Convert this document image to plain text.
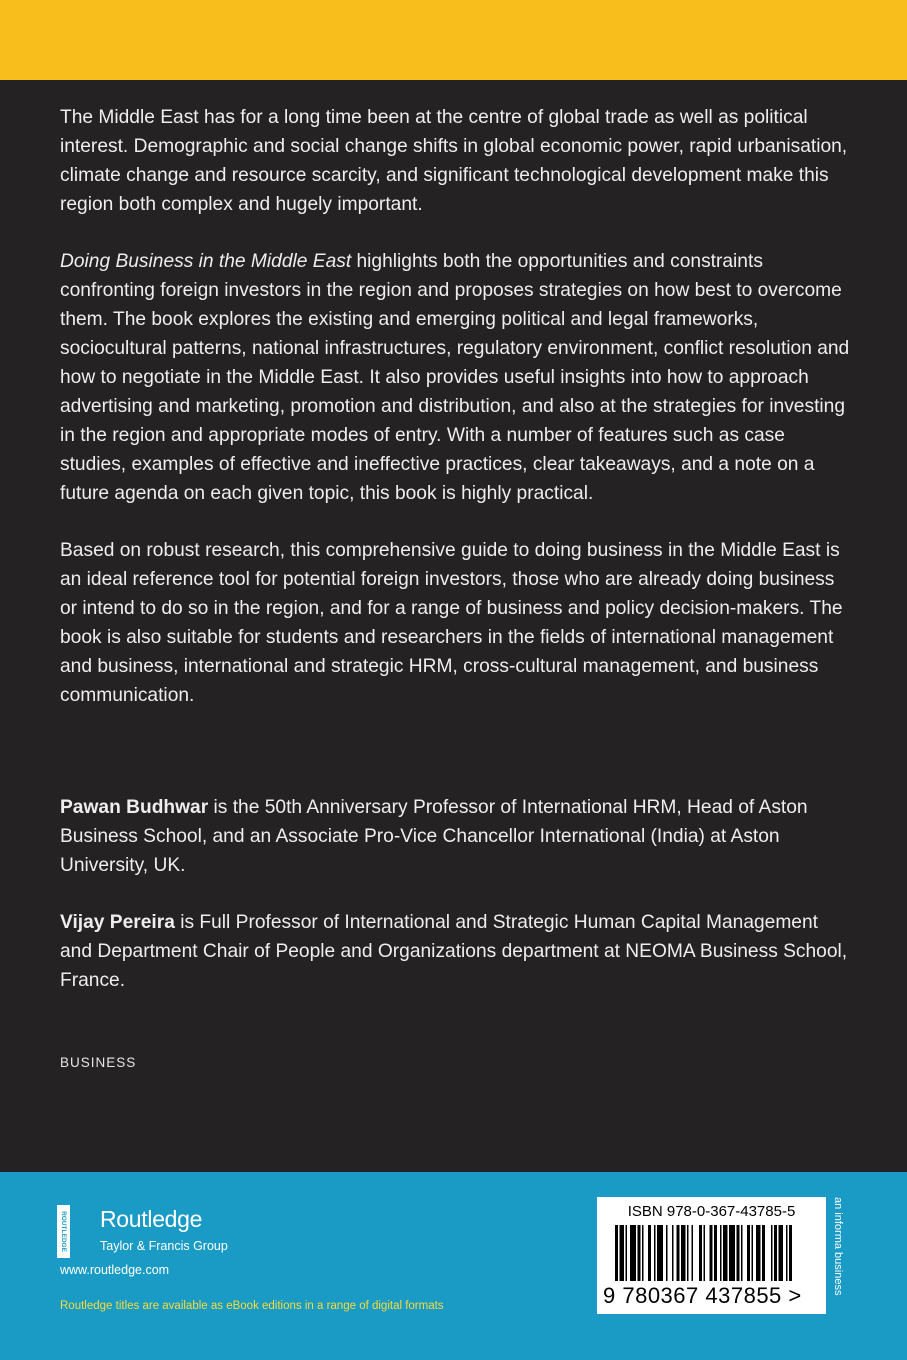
The Middle East has for a long time been at the centre of global trade as well as political interest. Demographic and social change shifts in global economic power, rapid urbanisation, climate change and resource scarcity, and significant technological development make this region both complex and hugely important.

Doing Business in the Middle East highlights both the opportunities and constraints confronting foreign investors in the region and proposes strategies on how best to overcome them. The book explores the existing and emerging political and legal frameworks, sociocultural patterns, national infrastructures, regulatory environment, conflict resolution and how to negotiate in the Middle East. It also provides useful insights into how to approach advertising and marketing, promotion and distribution, and also at the strategies for investing in the region and appropriate modes of entry. With a number of features such as case studies, examples of effective and ineffective practices, clear takeaways, and a note on a future agenda on each given topic, this book is highly practical.

Based on robust research, this comprehensive guide to doing business in the Middle East is an ideal reference tool for potential foreign investors, those who are already doing business or intend to do so in the region, and for a range of business and policy decision-makers. The book is also suitable for students and researchers in the fields of international management and business, international and strategic HRM, cross-cultural management, and business communication.

Pawan Budhwar is the 50th Anniversary Professor of International HRM, Head of Aston Business School, and an Associate Pro-Vice Chancellor International (India) at Aston University, UK.

Vijay Pereira is Full Professor of International and Strategic Human Capital Management and Department Chair of People and Organizations department at NEOMA Business School, France.

BUSINESS
ROUTLEDGE Routledge
Taylor & Francis Group
www.routledge.com
Routledge titles are available as eBook editions in a range of digital formats
ISBN 978-0-367-43785-5
9 780367 437855 >
an informa business
